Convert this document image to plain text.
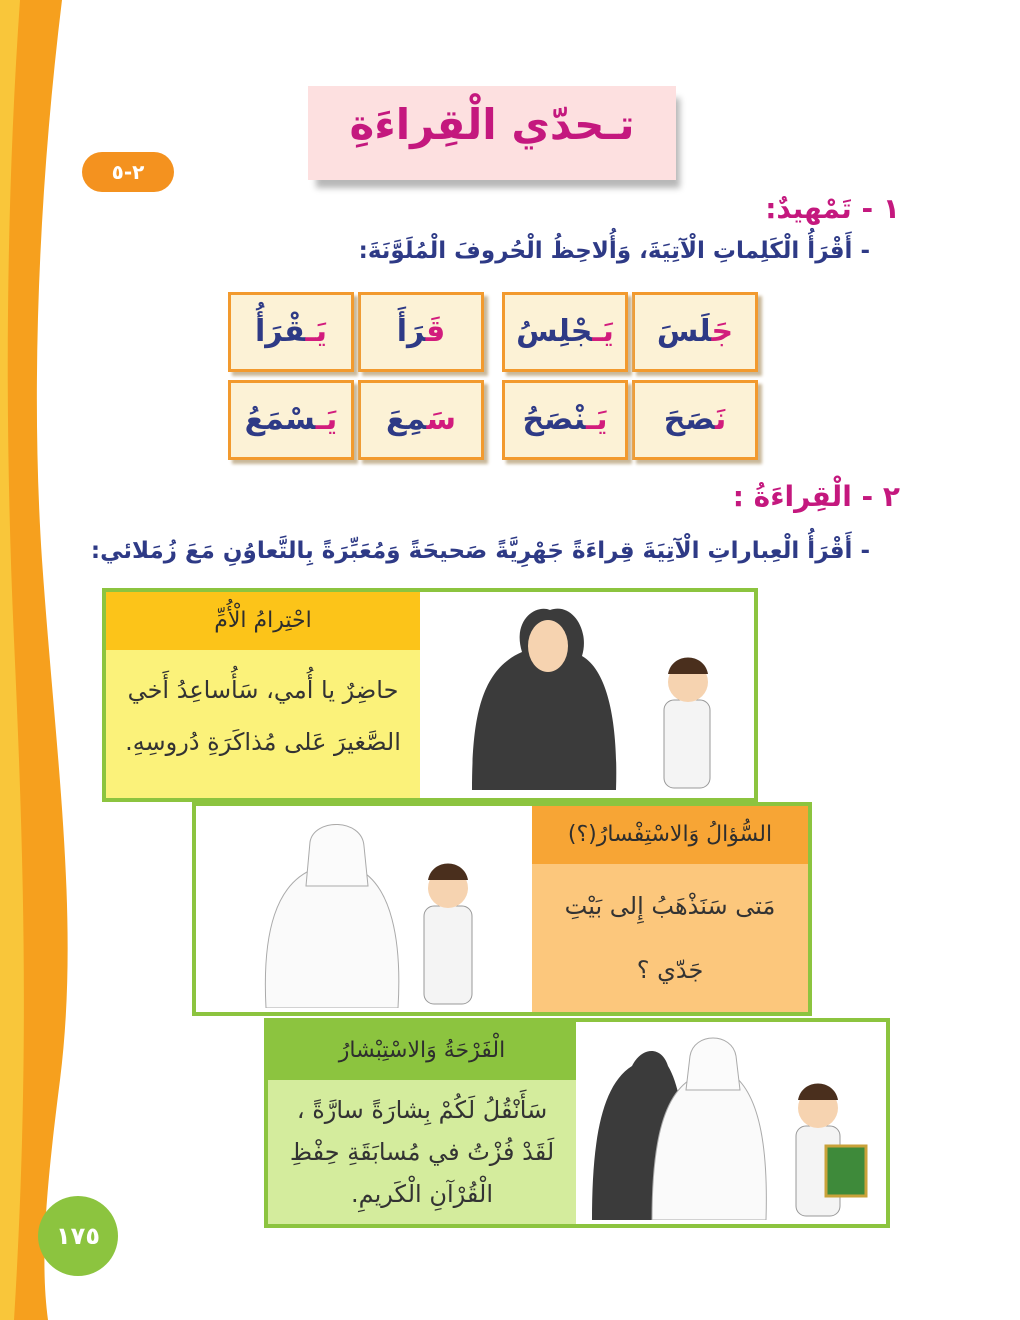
تـحدّي الْقِراءَةِ
٢-٥
١ - تَمْهيدٌ:
- أَقْرَأُ الْكَلِماتِ الْآتِيَةَ، وَأُلاحِظُ الْحُروفَ الْمُلَوَّنَةَ:
جَلَسَ
يَـجْلِسُ
قَرَأَ
يَـقْرَأُ
نَصَحَ
يَـنْصَحُ
سَمِعَ
يَـسْمَعُ
٢ - الْقِراءَةُ :
- أَقْرَأُ الْعِباراتِ الْآتِيَةَ قِراءَةً جَهْرِيَّةً صَحيحَةً وَمُعَبِّرَةً بِالتَّعاوُنِ مَعَ زُمَلائي:
احْتِرامُ الْأُمِّ
حاضِرٌ يا أُمي، سَأُساعِدُ أَخي
الصَّغيرَ عَلى مُذاكَرَةِ دُروسِهِ.
السُّؤالُ وَالاسْتِفْسارُ(؟)
مَتى سَنَذْهَبُ إِلى بَيْتِ
جَدّي ؟
الْفَرْحَةُ وَالاسْتِبْشارُ
سَأَنْقُلُ لَكُمْ بِشارَةً سارَّةً ،
لَقَدْ فُزْتُ في مُسابَقَةِ حِفْظِ
الْقُرْآنِ الْكَريمِ.
١٧٥
